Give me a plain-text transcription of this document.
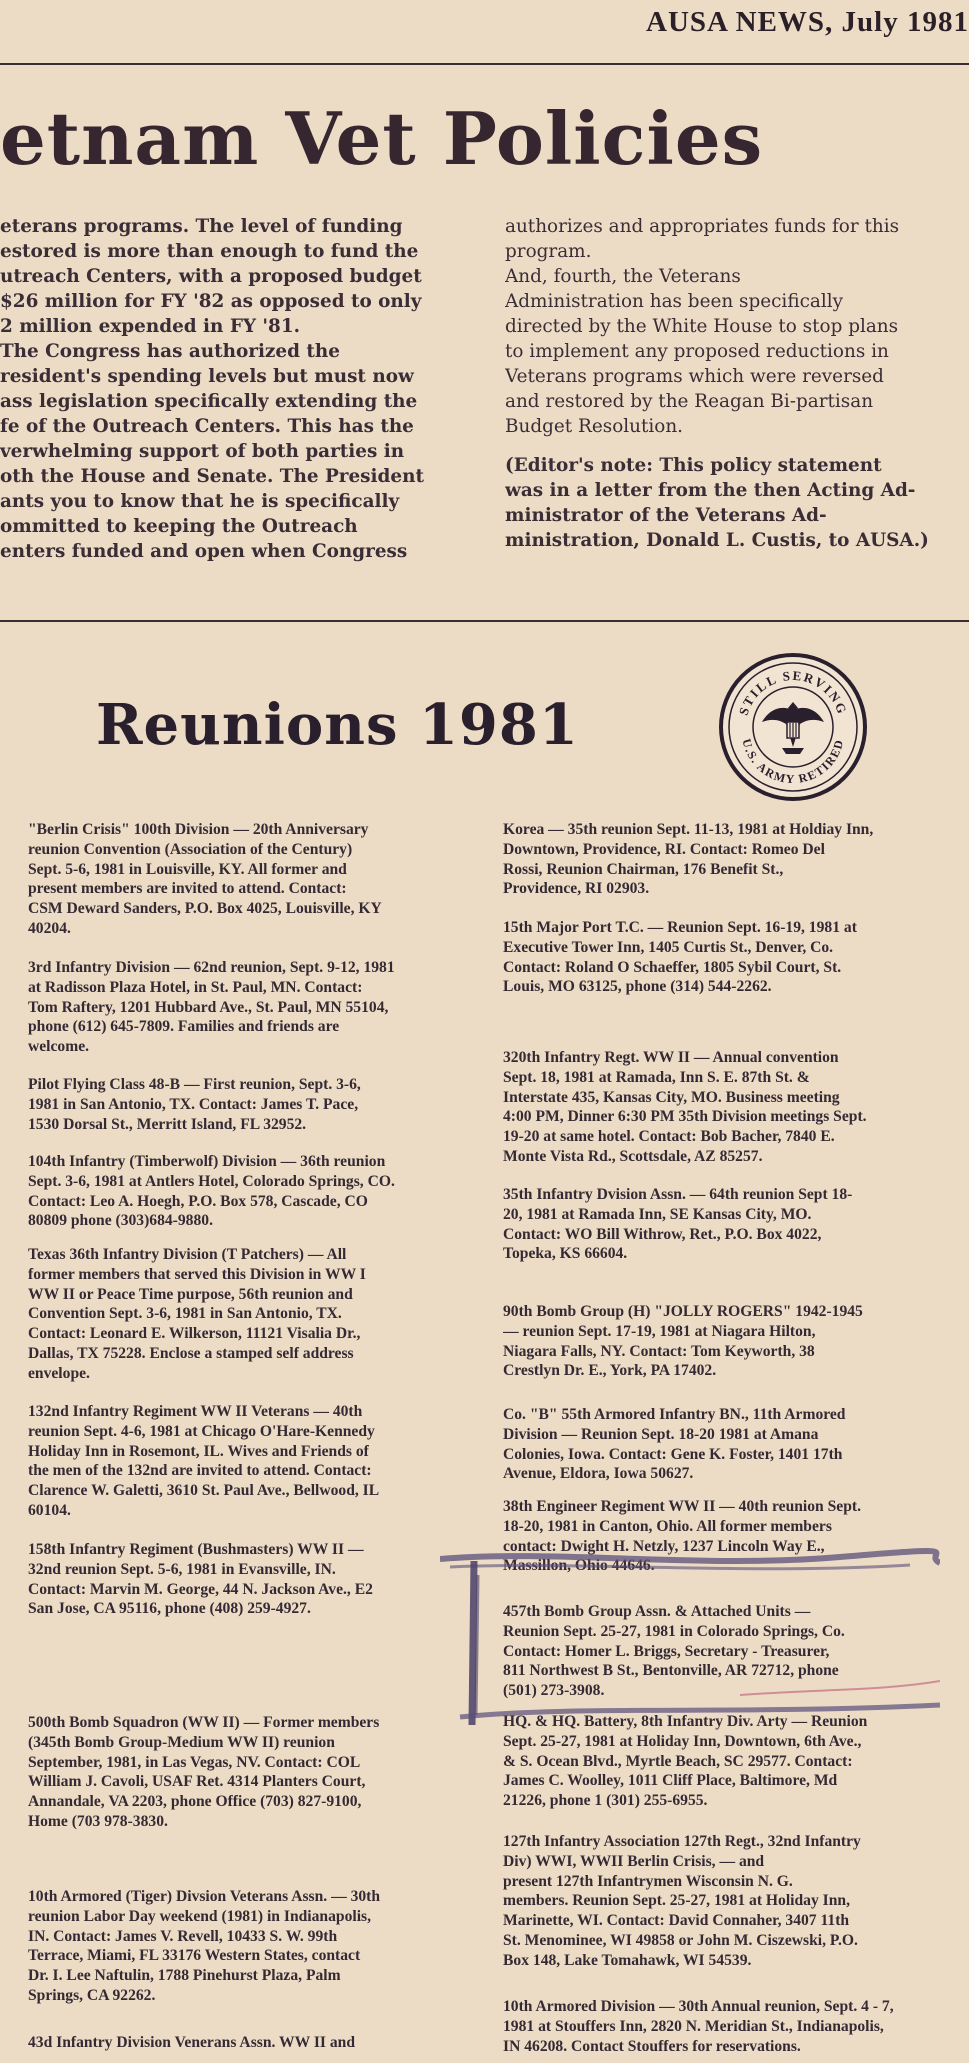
AUSA NEWS, July 1981
etnam Vet Policies
eterans programs. The level of funding
estored is more than enough to fund the
utreach Centers, with a proposed budget
$26 million for FY '82 as opposed to only
2 million expended in FY '81.
The Congress has authorized the
resident's spending levels but must now
ass legislation specifically extending the
fe of the Outreach Centers. This has the
verwhelming support of both parties in
oth the House and Senate. The President
ants you to know that he is specifically
ommitted to keeping the Outreach
enters funded and open when Congress
authorizes and appropriates funds for this
program.
And, fourth, the Veterans
Administration has been specifically
directed by the White House to stop plans
to implement any proposed reductions in
Veterans programs which were reversed
and restored by the Reagan Bi-partisan
Budget Resolution.
(Editor's note: This policy statement
was in a letter from the then Acting Ad-
ministrator of the Veterans Ad-
ministration, Donald L. Custis, to AUSA.)
Reunions 1981	STILL SERVING
U.S. ARMY RETIRED
"Berlin Crisis" 100th Division — 20th Anniversary
reunion Convention (Association of the Century)
Sept. 5-6, 1981 in Louisville, KY. All former and
present members are invited to attend. Contact:
CSM Deward Sanders, P.O. Box 4025, Louisville, KY
40204.
3rd Infantry Division — 62nd reunion, Sept. 9-12, 1981
at Radisson Plaza Hotel, in St. Paul, MN. Contact:
Tom Raftery, 1201 Hubbard Ave., St. Paul, MN 55104,
phone (612) 645-7809. Families and friends are
welcome.
Pilot Flying Class 48-B — First reunion, Sept. 3-6,
1981 in San Antonio, TX. Contact: James T. Pace,
1530 Dorsal St., Merritt Island, FL 32952.
104th Infantry (Timberwolf) Division — 36th reunion
Sept. 3-6, 1981 at Antlers Hotel, Colorado Springs, CO.
Contact: Leo A. Hoegh, P.O. Box 578, Cascade, CO
80809 phone (303)684-9880.
Texas 36th Infantry Division (T Patchers) — All
former members that served this Division in WW I
WW II or Peace Time purpose, 56th reunion and
Convention Sept. 3-6, 1981 in San Antonio, TX.
Contact: Leonard E. Wilkerson, 11121 Visalia Dr.,
Dallas, TX 75228. Enclose a stamped self address
envelope.
132nd Infantry Regiment WW II Veterans — 40th
reunion Sept. 4-6, 1981 at Chicago O'Hare-Kennedy
Holiday Inn in Rosemont, IL. Wives and Friends of
the men of the 132nd are invited to attend. Contact:
Clarence W. Galetti, 3610 St. Paul Ave., Bellwood, IL
60104.
158th Infantry Regiment (Bushmasters) WW II —
32nd reunion Sept. 5-6, 1981 in Evansville, IN.
Contact: Marvin M. George, 44 N. Jackson Ave., E2
San Jose, CA 95116, phone (408) 259-4927.
500th Bomb Squadron (WW II) — Former members
(345th Bomb Group-Medium WW II) reunion
September, 1981, in Las Vegas, NV. Contact: COL
William J. Cavoli, USAF Ret. 4314 Planters Court,
Annandale, VA 2203, phone Office (703) 827-9100,
Home (703 978-3830.
10th Armored (Tiger) Divsion Veterans Assn. — 30th
reunion Labor Day weekend (1981) in Indianapolis,
IN. Contact: James V. Revell, 10433 S. W. 99th
Terrace, Miami, FL 33176 Western States, contact
Dr. I. Lee Naftulin, 1788 Pinehurst Plaza, Palm
Springs, CA 92262.
43d Infantry Division Venerans Assn. WW II and
Korea — 35th reunion Sept. 11-13, 1981 at Holdiay Inn,
Downtown, Providence, RI. Contact: Romeo Del
Rossi, Reunion Chairman, 176 Benefit St.,
Providence, RI 02903.
15th Major Port T.C. — Reunion Sept. 16-19, 1981 at
Executive Tower Inn, 1405 Curtis St., Denver, Co.
Contact: Roland O Schaeffer, 1805 Sybil Court, St.
Louis, MO 63125, phone (314) 544-2262.
320th Infantry Regt. WW II — Annual convention
Sept. 18, 1981 at Ramada, Inn S. E. 87th St. &
Interstate 435, Kansas City, MO. Business meeting
4:00 PM, Dinner 6:30 PM 35th Division meetings Sept.
19-20 at same hotel. Contact: Bob Bacher, 7840 E.
Monte Vista Rd., Scottsdale, AZ 85257.
35th Infantry Dvision Assn. — 64th reunion Sept 18-
20, 1981 at Ramada Inn, SE Kansas City, MO.
Contact: WO Bill Withrow, Ret., P.O. Box 4022,
Topeka, KS 66604.
90th Bomb Group (H) "JOLLY ROGERS" 1942-1945
— reunion Sept. 17-19, 1981 at Niagara Hilton,
Niagara Falls, NY. Contact: Tom Keyworth, 38
Crestlyn Dr. E., York, PA 17402.
Co. "B" 55th Armored Infantry BN., 11th Armored
Division — Reunion Sept. 18-20 1981 at Amana
Colonies, Iowa. Contact: Gene K. Foster, 1401 17th
Avenue, Eldora, Iowa 50627.
38th Engineer Regiment WW II — 40th reunion Sept.
18-20, 1981 in Canton, Ohio. All former members
contact: Dwight H. Netzly, 1237 Lincoln Way E.,
Massillon, Ohio 44646.
457th Bomb Group Assn. & Attached Units —
Reunion Sept. 25-27, 1981 in Colorado Springs, Co.
Contact: Homer L. Briggs, Secretary - Treasurer,
811 Northwest B St., Bentonville, AR 72712, phone
(501) 273-3908.
HQ. & HQ. Battery, 8th Infantry Div. Arty — Reunion
Sept. 25-27, 1981 at Holiday Inn, Downtown, 6th Ave.,
& S. Ocean Blvd., Myrtle Beach, SC 29577. Contact:
James C. Woolley, 1011 Cliff Place, Baltimore, Md
21226, phone 1 (301) 255-6955.
127th Infantry Association 127th Regt., 32nd Infantry
Div) WWI, WWII Berlin Crisis, — and
present 127th Infantrymen Wisconsin N. G.
members. Reunion Sept. 25-27, 1981 at Holiday Inn,
Marinette, WI. Contact: David Connaher, 3407 11th
St. Menominee, WI 49858 or John M. Ciszewski, P.O.
Box 148, Lake Tomahawk, WI 54539.
10th Armored Division — 30th Annual reunion, Sept. 4 - 7,
1981 at Stouffers Inn, 2820 N. Meridian St., Indianapolis,
IN 46208. Contact Stouffers for reservations.
